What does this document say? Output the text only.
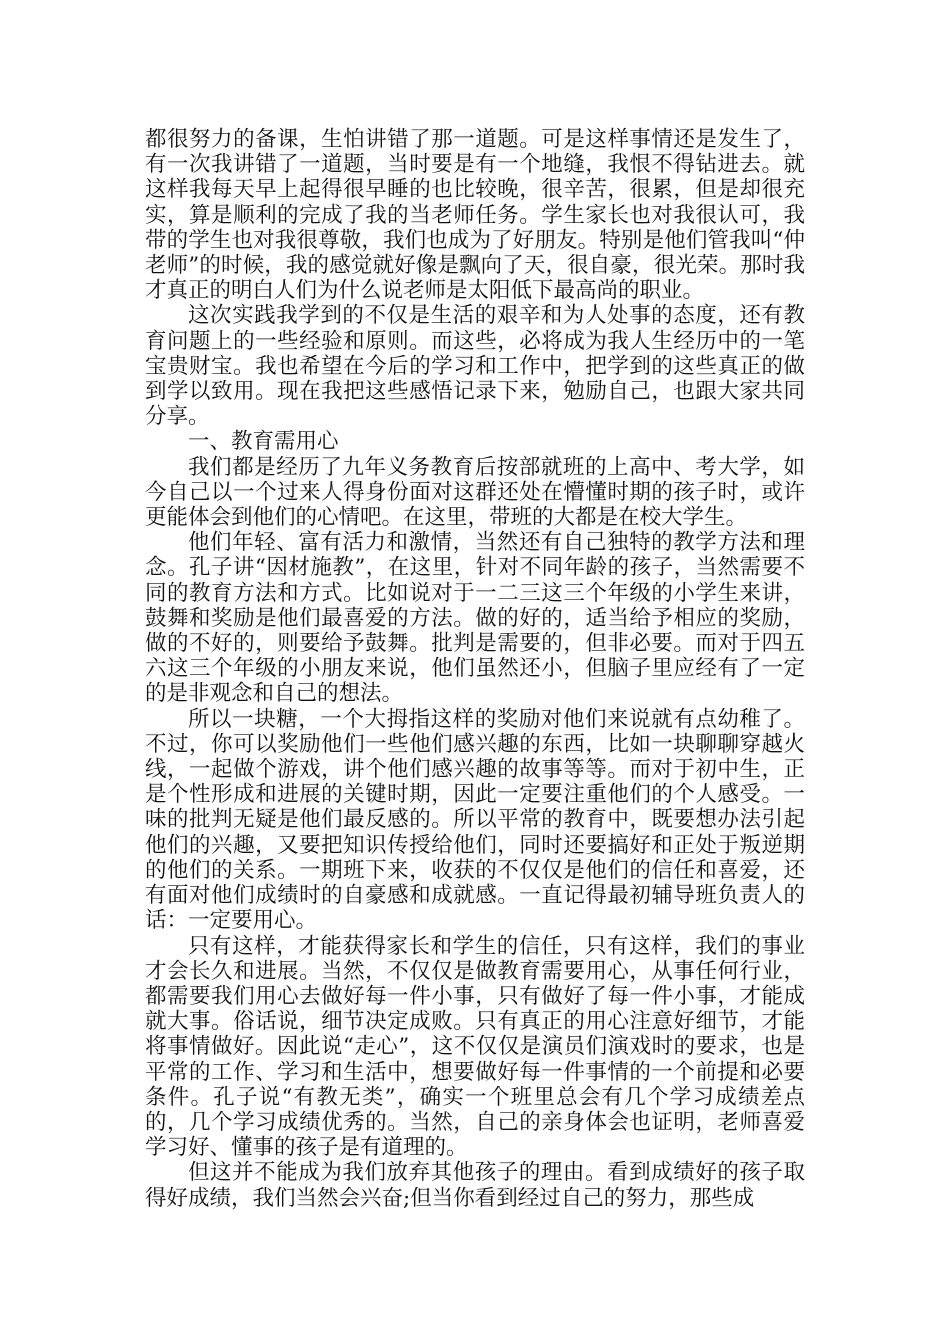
都很努力的备课，生怕讲错了那一道题。可是这样事情还是发生了，有一次我讲错了一道题，当时要是有一个地缝，我恨不得钻进去。就这样我每天早上起得很早睡的也比较晚，很辛苦，很累，但是却很充实，算是顺利的完成了我的当老师任务。学生家长也对我很认可，我带的学生也对我很尊敬，我们也成为了好朋友。特别是他们管我叫“仲老师”的时候，我的感觉就好像是飘向了天，很自豪，很光荣。那时我才真正的明白人们为什么说老师是太阳低下最高尚的职业。

这次实践我学到的不仅是生活的艰辛和为人处事的态度，还有教育问题上的一些经验和原则。而这些，必将成为我人生经历中的一笔宝贵财宝。我也希望在今后的学习和工作中，把学到的这些真正的做到学以致用。现在我把这些感悟记录下来，勉励自己，也跟大家共同分享。

一、教育需用心

我们都是经历了九年义务教育后按部就班的上高中、考大学，如今自己以一个过来人得身份面对这群还处在懵懂时期的孩子时，或许更能体会到他们的心情吧。在这里，带班的大都是在校大学生。

他们年轻、富有活力和激情，当然还有自己独特的教学方法和理念。孔子讲“因材施教”，在这里，针对不同年龄的孩子，当然需要不同的教育方法和方式。比如说对于一二三这三个年级的小学生来讲，鼓舞和奖励是他们最喜爱的方法。做的好的，适当给予相应的奖励，做的不好的，则要给予鼓舞。批判是需要的，但非必要。而对于四五六这三个年级的小朋友来说，他们虽然还小，但脑子里应经有了一定的是非观念和自己的想法。

所以一块糖，一个大拇指这样的奖励对他们来说就有点幼稚了。不过，你可以奖励他们一些他们感兴趣的东西，比如一块聊聊穿越火线，一起做个游戏，讲个他们感兴趣的故事等等。而对于初中生，正是个性形成和进展的关键时期，因此一定要注重他们的个人感受。一味的批判无疑是他们最反感的。所以平常的教育中，既要想办法引起他们的兴趣，又要把知识传授给他们，同时还要搞好和正处于叛逆期的他们的关系。一期班下来，收获的不仅仅是他们的信任和喜爱，还有面对他们成绩时的自豪感和成就感。一直记得最初辅导班负责人的话：一定要用心。

只有这样，才能获得家长和学生的信任，只有这样，我们的事业才会长久和进展。当然，不仅仅是做教育需要用心，从事任何行业，都需要我们用心去做好每一件小事，只有做好了每一件小事，才能成就大事。俗话说，细节决定成败。只有真正的用心注意好细节，才能将事情做好。因此说“走心”，这不仅仅是演员们演戏时的要求，也是平常的工作、学习和生活中，想要做好每一件事情的一个前提和必要条件。孔子说“有教无类”，确实一个班里总会有几个学习成绩差点的，几个学习成绩优秀的。当然，自己的亲身体会也证明，老师喜爱学习好、懂事的孩子是有道理的。

但这并不能成为我们放弃其他孩子的理由。看到成绩好的孩子取得好成绩，我们当然会兴奋;但当你看到经过自己的努力，那些成
